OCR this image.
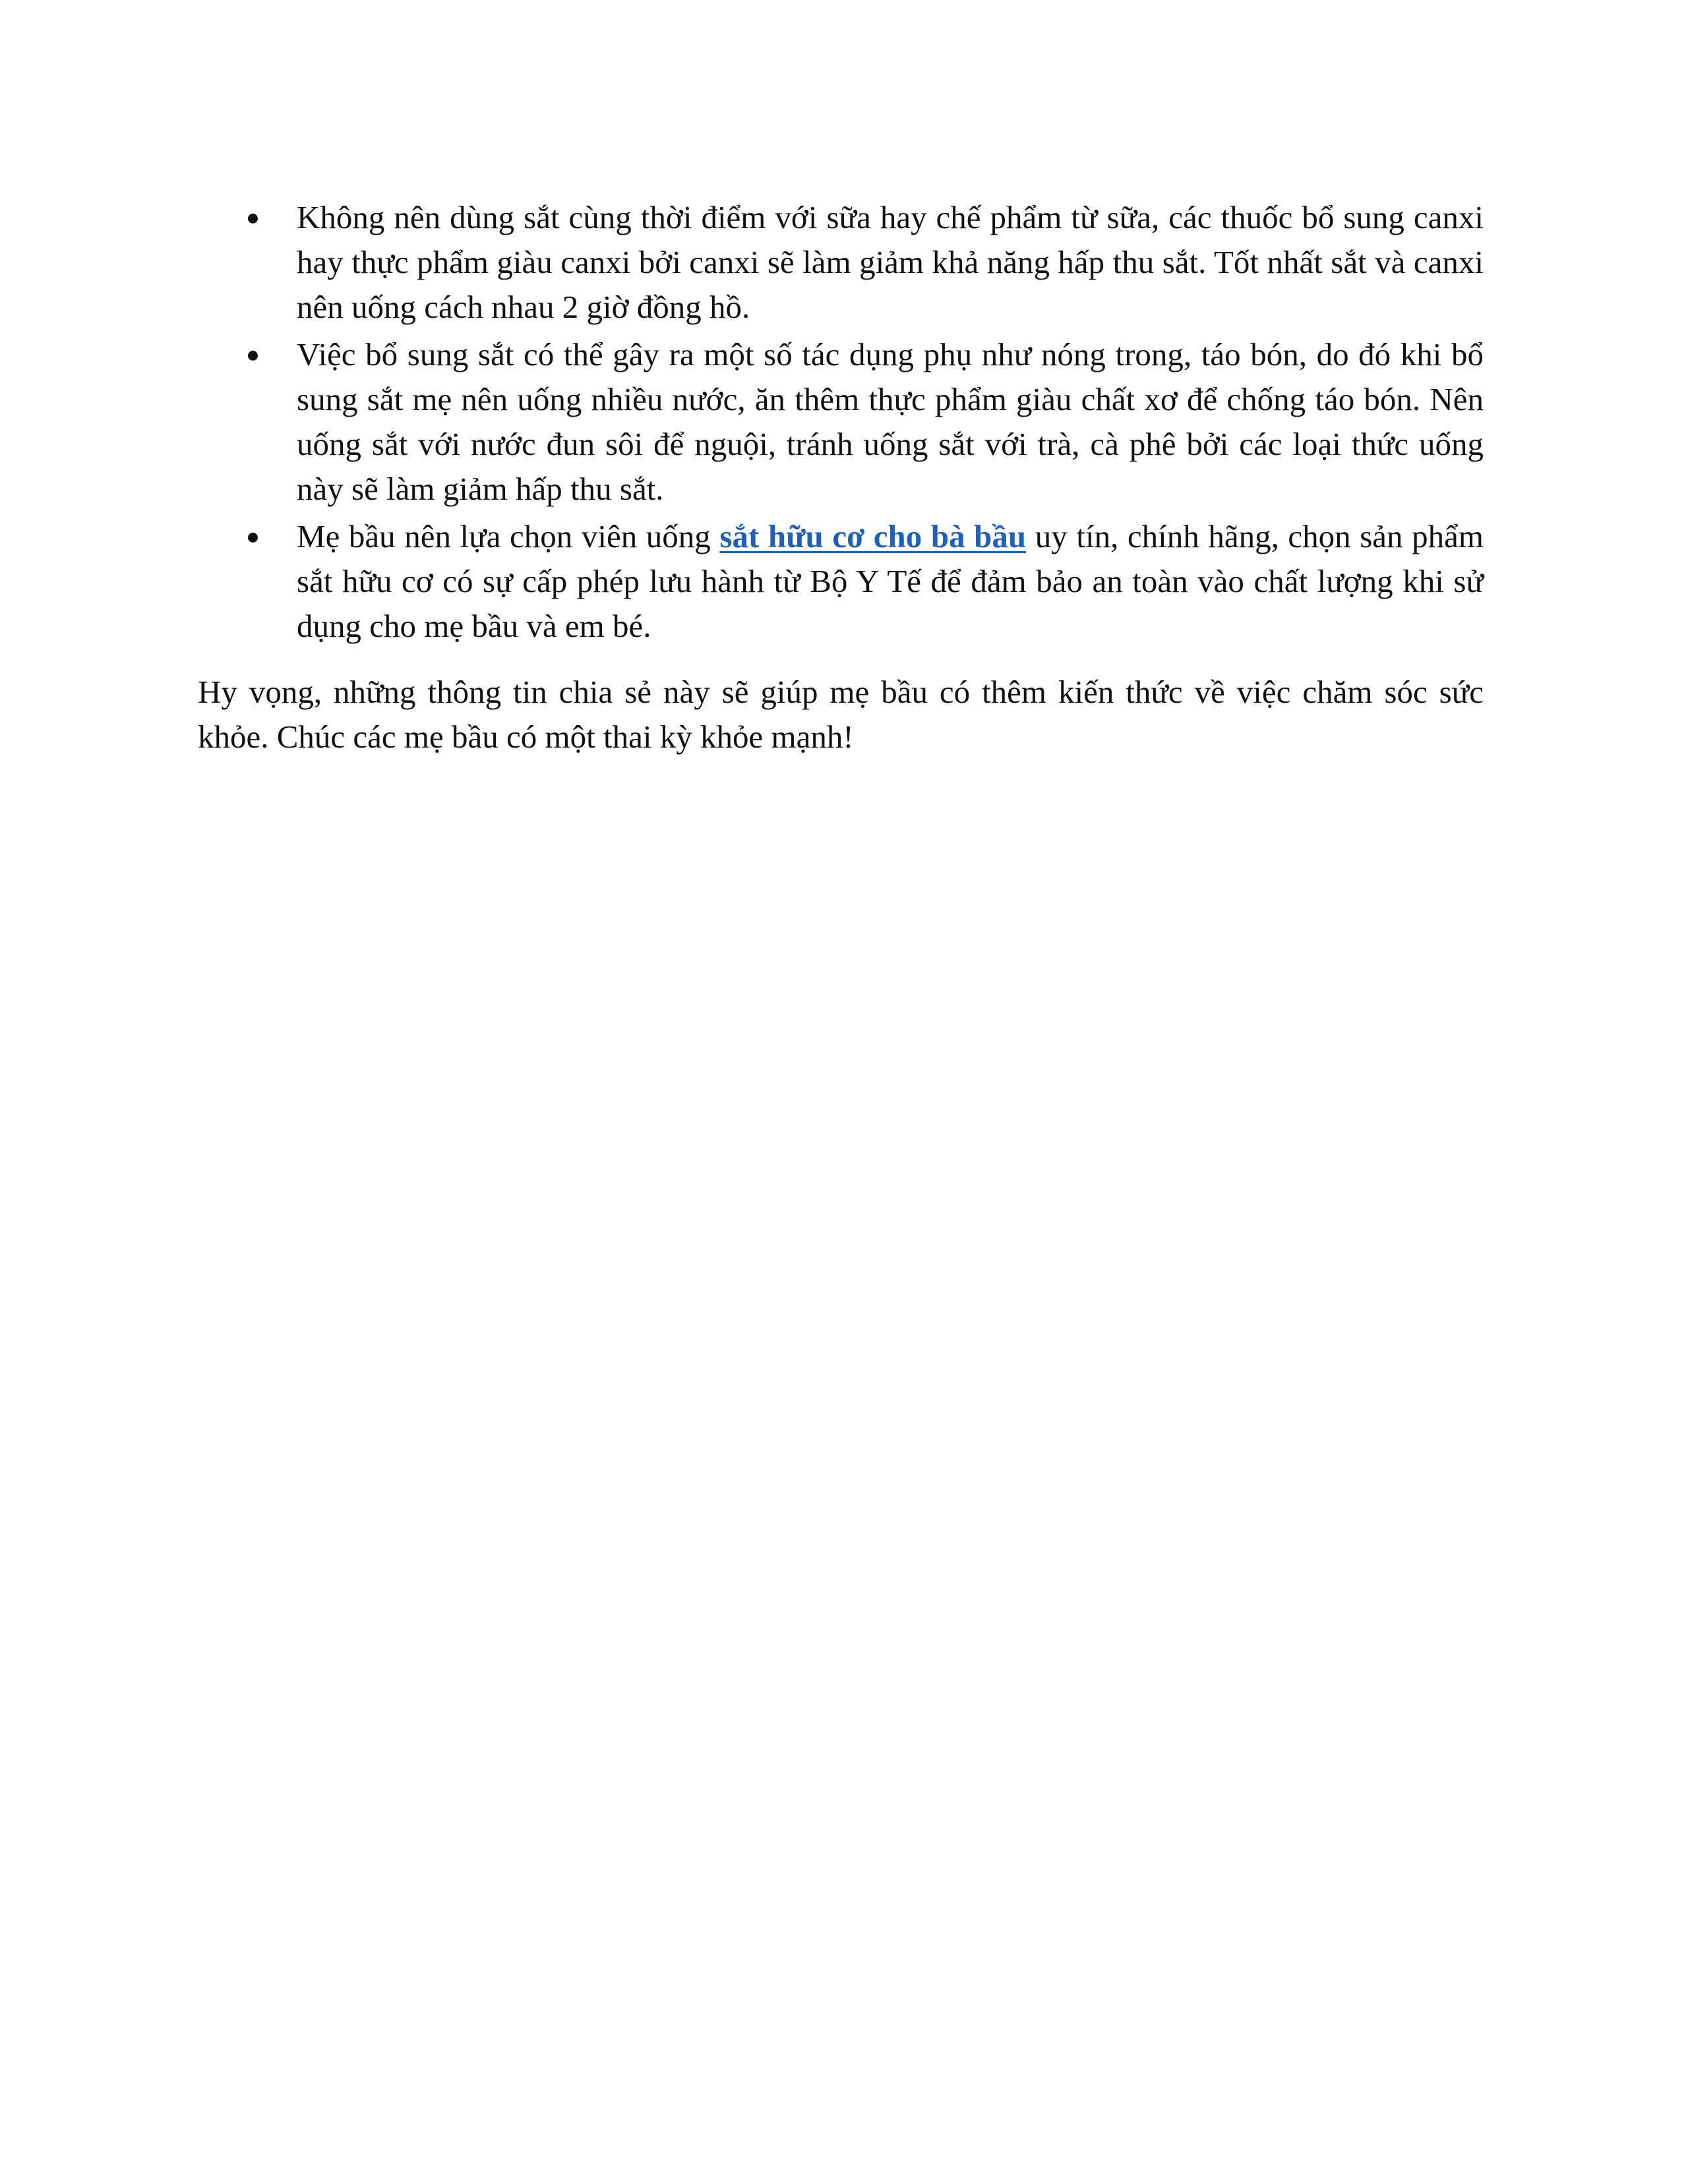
Không nên dùng sắt cùng thời điểm với sữa hay chế phẩm từ sữa, các thuốc bổ sung canxi hay thực phẩm giàu canxi bởi canxi sẽ làm giảm khả năng hấp thu sắt. Tốt nhất sắt và canxi nên uống cách nhau 2 giờ đồng hồ.
Việc bổ sung sắt có thể gây ra một số tác dụng phụ như nóng trong, táo bón, do đó khi bổ sung sắt mẹ nên uống nhiều nước, ăn thêm thực phẩm giàu chất xơ để chống táo bón. Nên uống sắt với nước đun sôi để nguội, tránh uống sắt với trà, cà phê bởi các loại thức uống này sẽ làm giảm hấp thu sắt.
Mẹ bầu nên lựa chọn viên uống sắt hữu cơ cho bà bầu uy tín, chính hãng, chọn sản phẩm sắt hữu cơ có sự cấp phép lưu hành từ Bộ Y Tế để đảm bảo an toàn vào chất lượng khi sử dụng cho mẹ bầu và em bé.

Hy vọng, những thông tin chia sẻ này sẽ giúp mẹ bầu có thêm kiến thức về việc chăm sóc sức khỏe. Chúc các mẹ bầu có một thai kỳ khỏe mạnh!
